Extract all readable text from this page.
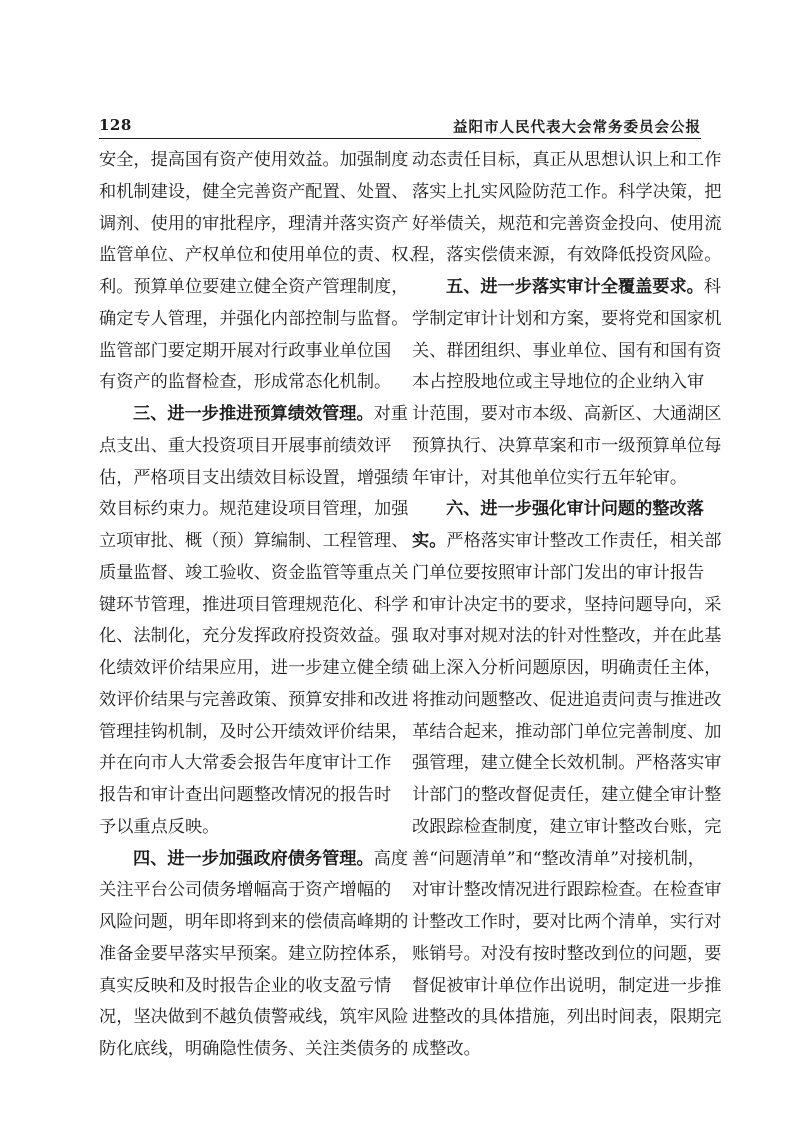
128	益阳市人民代表大会常务委员会公报
安全，提高国有资产使用效益。加强制度
和机制建设，健全完善资产配置、处置、
调剂、使用的审批程序，理清并落实资产
监管单位、产权单位和使用单位的责、权、
利。预算单位要建立健全资产管理制度，
确定专人管理，并强化内部控制与监督。
监管部门要定期开展对行政事业单位国
有资产的监督检查，形成常态化机制。
三、进一步推进预算绩效管理。对重
点支出、重大投资项目开展事前绩效评
估，严格项目支出绩效目标设置，增强绩
效目标约束力。规范建设项目管理，加强
立项审批、概（预）算编制、工程管理、
质量监督、竣工验收、资金监管等重点关
键环节管理，推进项目管理规范化、科学
化、法制化，充分发挥政府投资效益。强
化绩效评价结果应用，进一步建立健全绩
效评价结果与完善政策、预算安排和改进
管理挂钩机制，及时公开绩效评价结果，
并在向市人大常委会报告年度审计工作
报告和审计查出问题整改情况的报告时
予以重点反映。
四、进一步加强政府债务管理。高度
关注平台公司债务增幅高于资产增幅的
风险问题，明年即将到来的偿债高峰期的
准备金要早落实早预案。建立防控体系，
真实反映和及时报告企业的收支盈亏情
况，坚决做到不越负债警戒线，筑牢风险
防化底线，明确隐性债务、关注类债务的
动态责任目标，真正从思想认识上和工作
落实上扎实风险防范工作。科学决策，把
好举债关，规范和完善资金投向、使用流
程，落实偿债来源，有效降低投资风险。
五、进一步落实审计全覆盖要求。科
学制定审计计划和方案，要将党和国家机
关、群团组织、事业单位、国有和国有资
本占控股地位或主导地位的企业纳入审
计范围，要对市本级、高新区、大通湖区
预算执行、决算草案和市一级预算单位每
年审计，对其他单位实行五年轮审。
六、进一步强化审计问题的整改落
实。严格落实审计整改工作责任，相关部
门单位要按照审计部门发出的审计报告
和审计决定书的要求，坚持问题导向，采
取对事对规对法的针对性整改，并在此基
础上深入分析问题原因，明确责任主体，
将推动问题整改、促进追责问责与推进改
革结合起来，推动部门单位完善制度、加
强管理，建立健全长效机制。严格落实审
计部门的整改督促责任，建立健全审计整
改跟踪检查制度，建立审计整改台账，完
善“问题清单”和“整改清单”对接机制，
对审计整改情况进行跟踪检查。在检查审
计整改工作时，要对比两个清单，实行对
账销号。对没有按时整改到位的问题，要
督促被审计单位作出说明，制定进一步推
进整改的具体措施，列出时间表，限期完
成整改。
